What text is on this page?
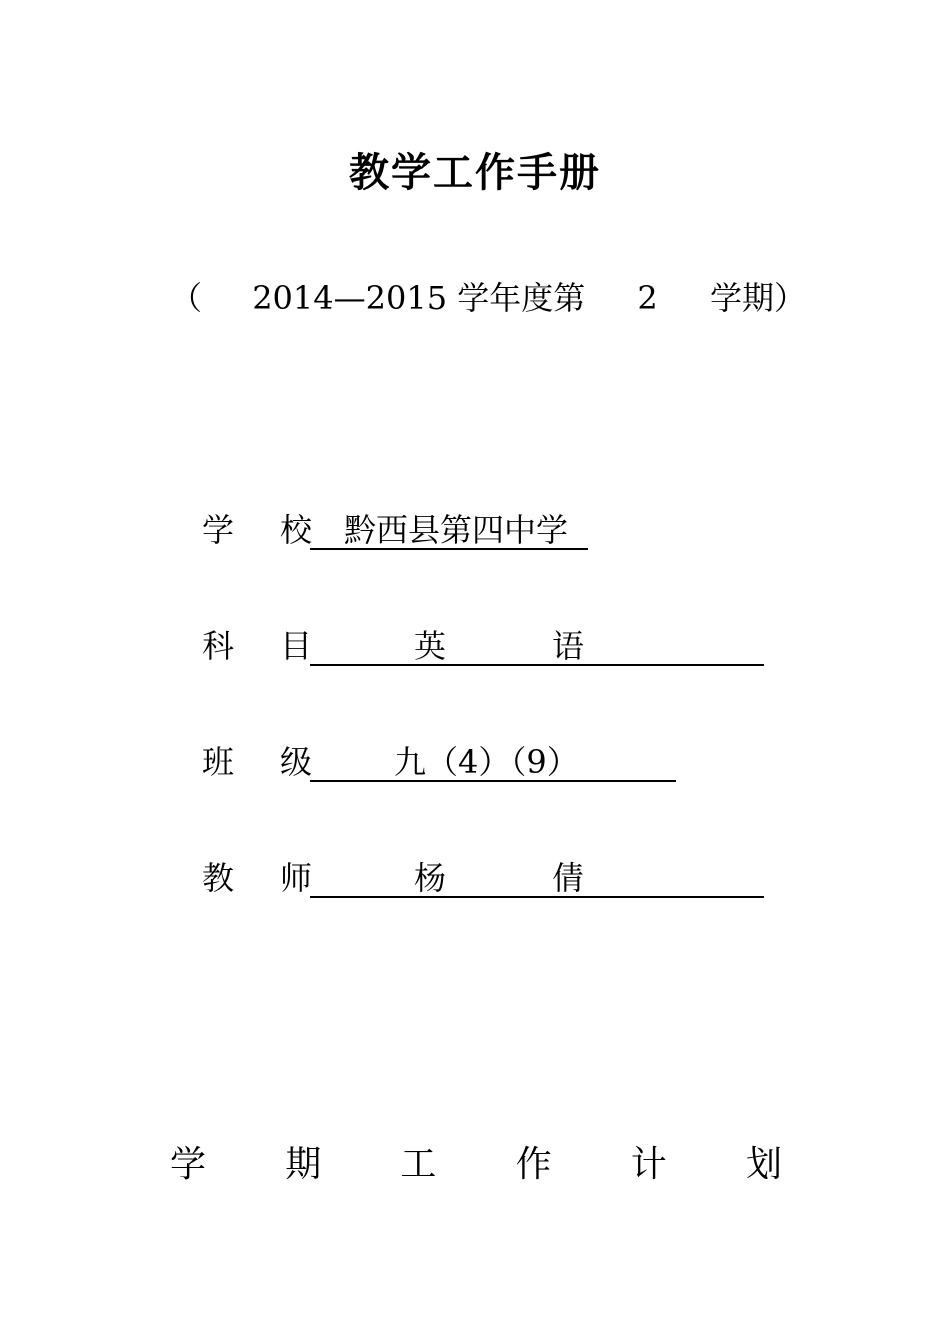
教学工作手册
（ 2014—2015 学年度第 2 学期）
学 校 黔西县第四中学
科 目	英	语
班 级	九（4）（9）
教 师	杨	倩
学 期 工 作 计 划
